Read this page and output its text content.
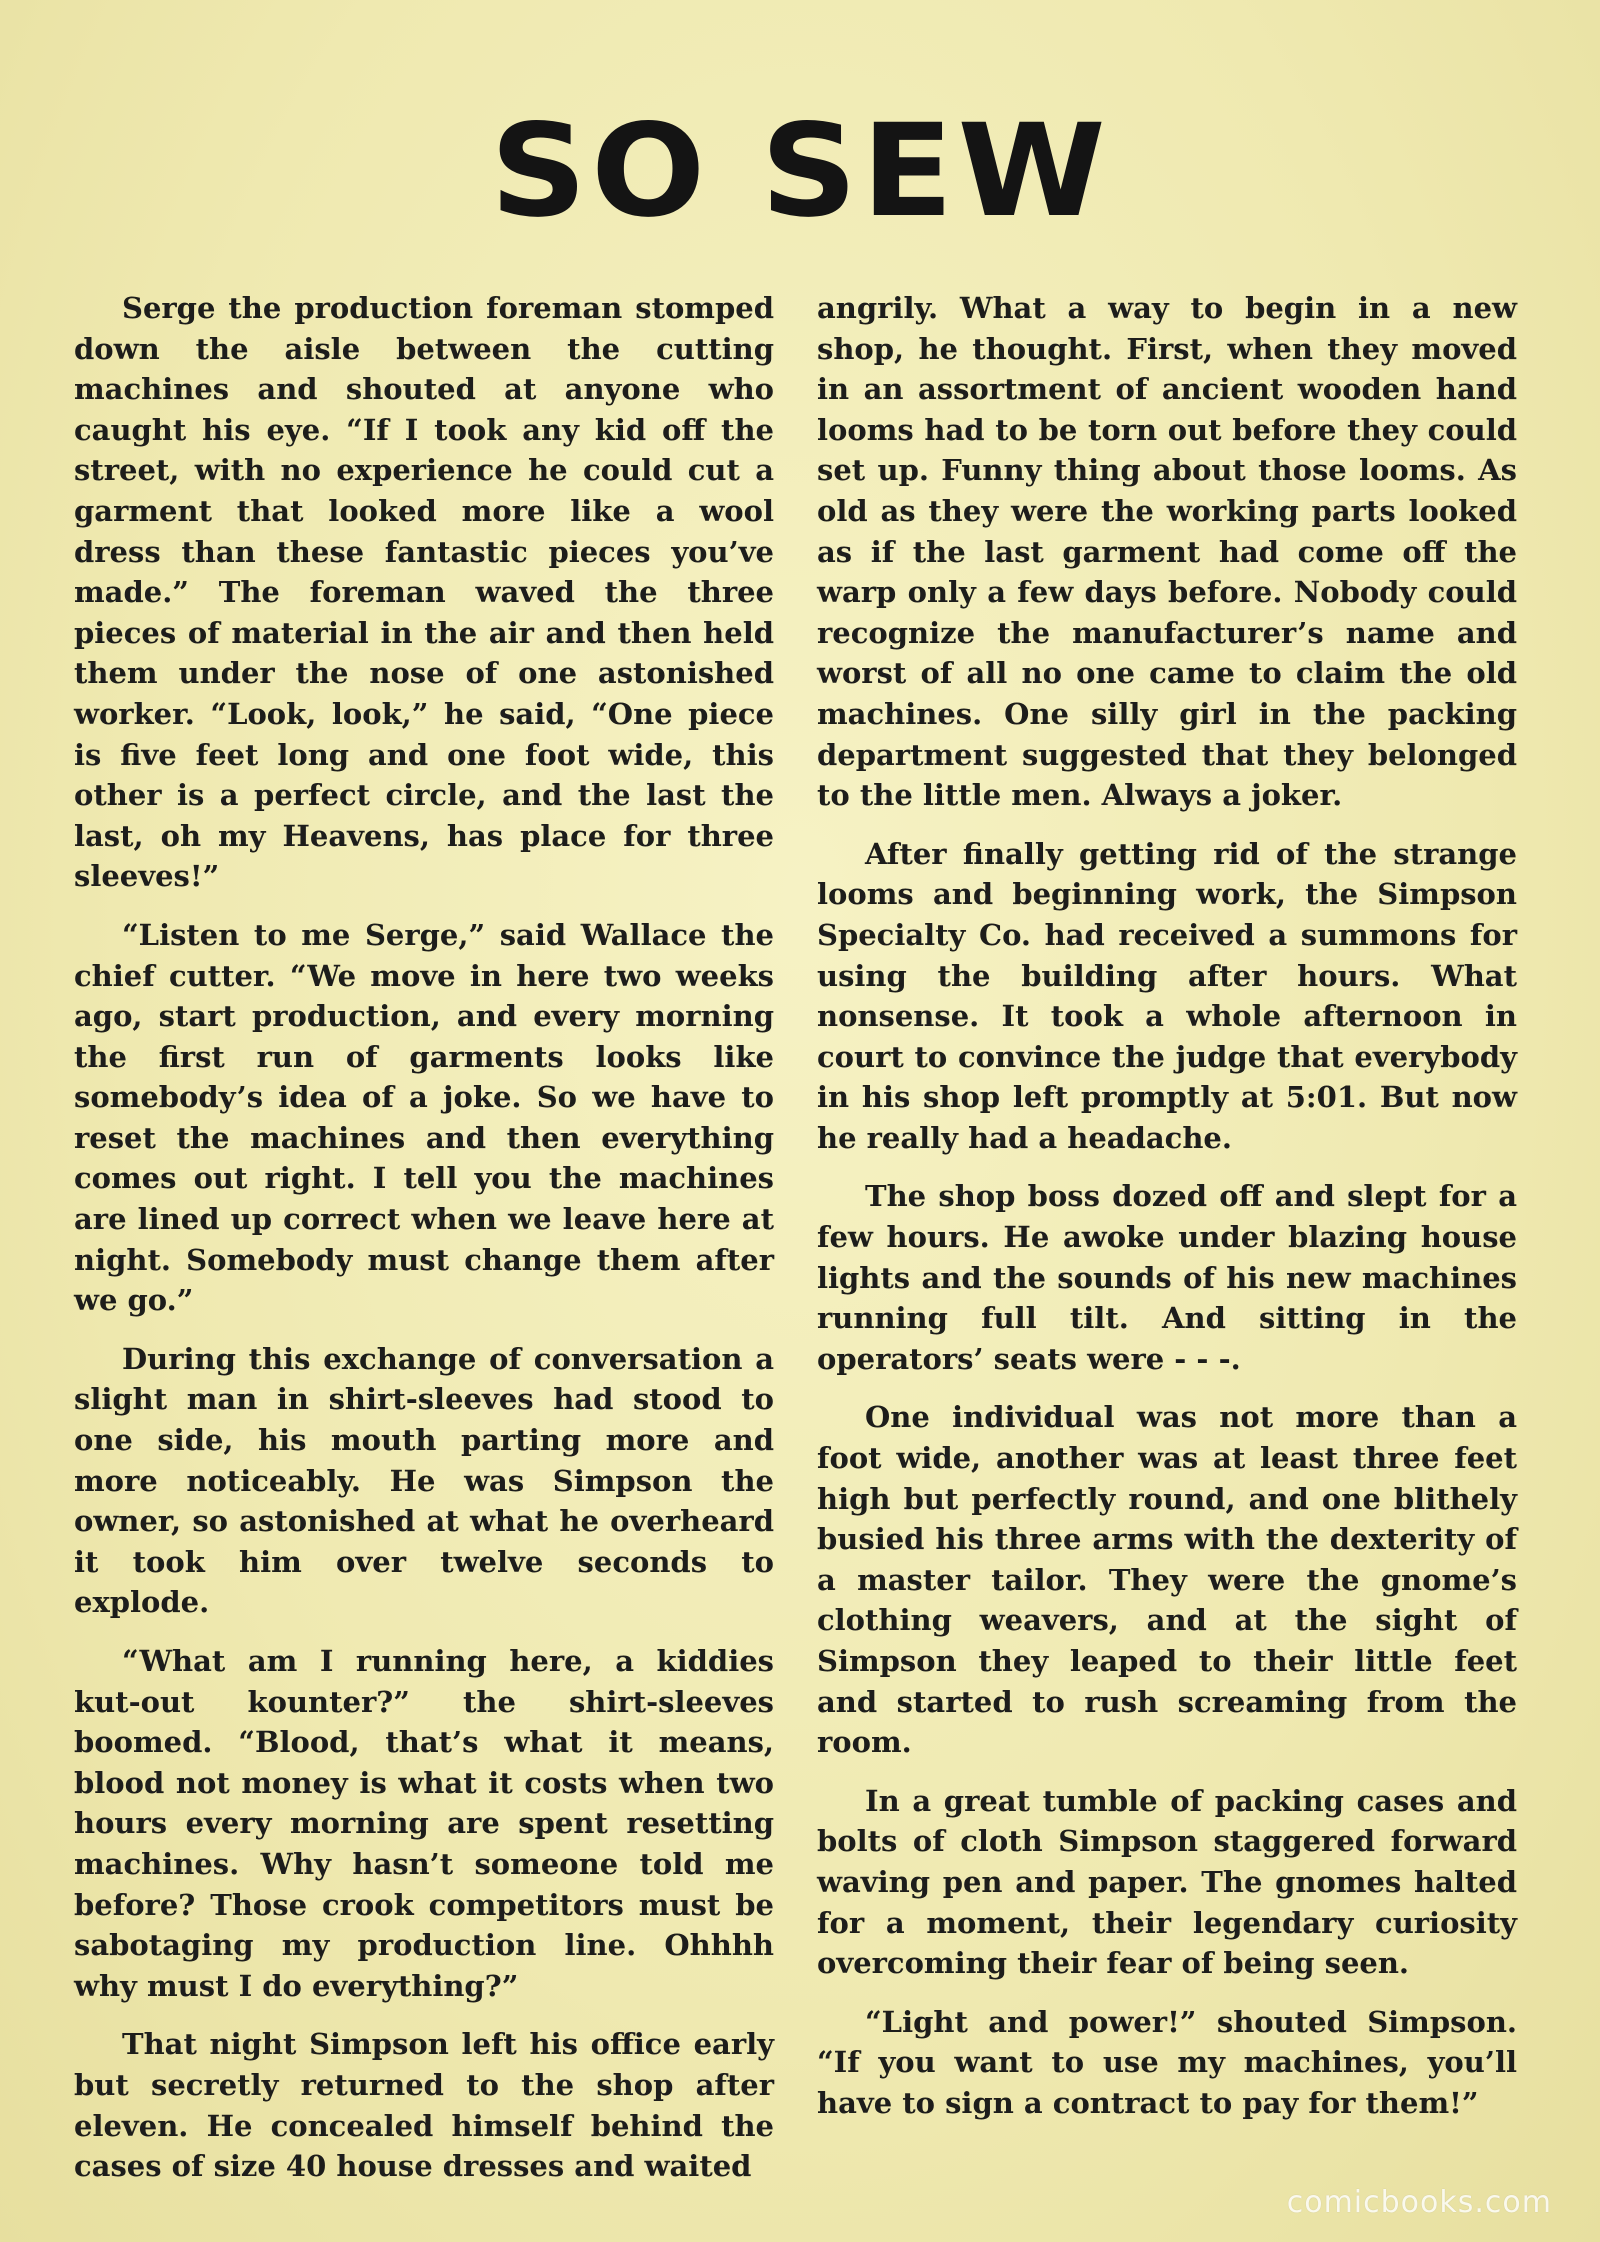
SO SEW

Serge the production foreman stomped down the aisle between the cutting machines and shouted at anyone who caught his eye. “If I took any kid off the street, with no experience he could cut a garment that looked more like a wool dress than these fantastic pieces you’ve made.” The foreman waved the three pieces of material in the air and then held them under the nose of one astonished worker. “Look, look,” he said, “One piece is five feet long and one foot wide, this other is a perfect circle, and the last the last, oh my Heavens, has place for three sleeves!”

“Listen to me Serge,” said Wallace the chief cutter. “We move in here two weeks ago, start production, and every morning the first run of garments looks like somebody’s idea of a joke. So we have to reset the machines and then everything comes out right. I tell you the machines are lined up correct when we leave here at night. Somebody must change them after we go.”

During this exchange of conversation a slight man in shirt-sleeves had stood to one side, his mouth parting more and more noticeably. He was Simpson the owner, so astonished at what he overheard it took him over twelve seconds to explode.

“What am I running here, a kiddies kut-out kounter?” the shirt-sleeves boomed. “Blood, that’s what it means, blood not money is what it costs when two hours every morning are spent resetting machines. Why hasn’t someone told me before? Those crook competitors must be sabotaging my production line. Ohhhh why must I do everything?”

That night Simpson left his office early but secretly returned to the shop after eleven. He concealed himself behind the cases of size 40 house dresses and waited

angrily. What a way to begin in a new shop, he thought. First, when they moved in an assortment of ancient wooden hand looms had to be torn out before they could set up. Funny thing about those looms. As old as they were the working parts looked as if the last garment had come off the warp only a few days before. Nobody could recognize the manufacturer’s name and worst of all no one came to claim the old machines. One silly girl in the packing department suggested that they belonged to the little men. Always a joker.

After finally getting rid of the strange looms and beginning work, the Simpson Specialty Co. had received a summons for using the building after hours. What nonsense. It took a whole afternoon in court to convince the judge that everybody in his shop left promptly at 5:01. But now he really had a headache.

The shop boss dozed off and slept for a few hours. He awoke under blazing house lights and the sounds of his new machines running full tilt. And sitting in the operators’ seats were - - -.

One individual was not more than a foot wide, another was at least three feet high but perfectly round, and one blithely busied his three arms with the dexterity of a master tailor. They were the gnome’s clothing weavers, and at the sight of Simpson they leaped to their little feet and started to rush screaming from the room.

In a great tumble of packing cases and bolts of cloth Simpson staggered forward waving pen and paper. The gnomes halted for a moment, their legendary curiosity overcoming their fear of being seen.

“Light and power!” shouted Simpson. “If you want to use my machines, you’ll have to sign a contract to pay for them!”

comicbooks.com
